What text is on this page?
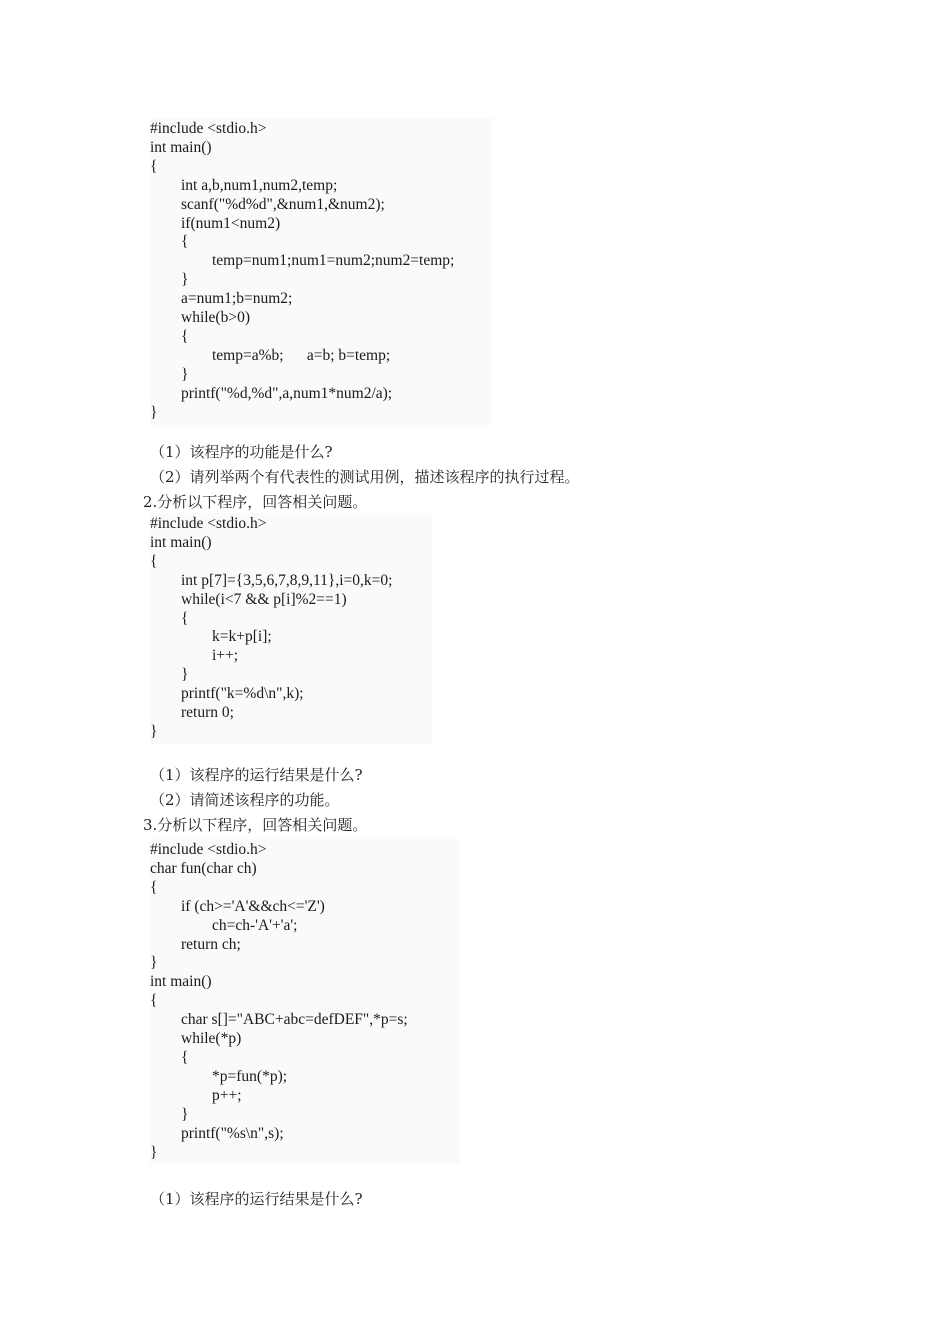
#include <stdio.h>
int main()
{
int a,b,num1,num2,temp;
scanf("%d%d",&num1,&num2);
if(num1<num2)
{
temp=num1;num1=num2;num2=temp;
}
a=num1;b=num2;
while(b>0)
{
temp=a%b;      a=b; b=temp;
}
printf("%d,%d",a,num1*num2/a);
}
（1）该程序的功能是什么?
（2）请列举两个有代表性的测试用例，描述该程序的执行过程。
2.分析以下程序，回答相关问题。
#include <stdio.h>
int main()
{
int p[7]={3,5,6,7,8,9,11},i=0,k=0;
while(i<7 && p[i]%2==1)
{
k=k+p[i];
i++;
}
printf("k=%d\n",k);
return 0;
}
（1）该程序的运行结果是什么?
（2）请简述该程序的功能。
3.分析以下程序，回答相关问题。
#include <stdio.h>
char fun(char ch)
{
if (ch>='A'&&ch<='Z')
ch=ch-'A'+'a';
return ch;
}
int main()
{
char s[]="ABC+abc=defDEF",*p=s;
while(*p)
{
*p=fun(*p);
p++;
}
printf("%s\n",s);
}
（1）该程序的运行结果是什么?
